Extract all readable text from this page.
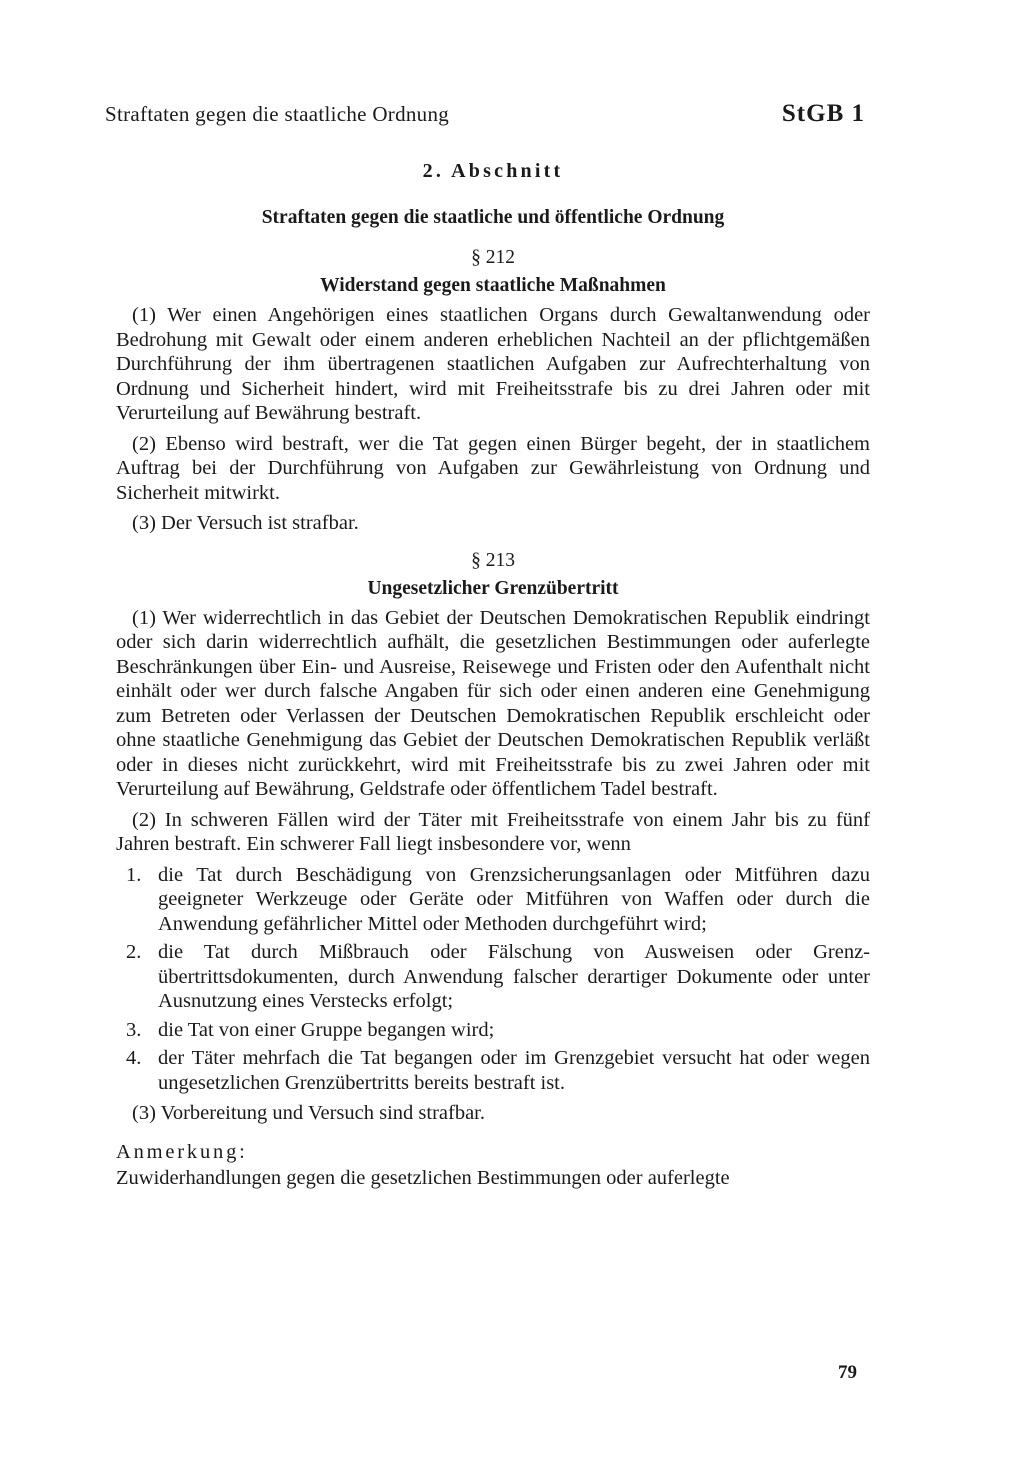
Straftaten gegen die staatliche Ordnung	StGB 1
2. Abschnitt
Straftaten gegen die staatliche und öffentliche Ordnung
§ 212
Widerstand gegen staatliche Maßnahmen

(1) Wer einen Angehörigen eines staatlichen Organs durch Gewaltanwendung oder Bedrohung mit Gewalt oder einem anderen erheblichen Nachteil an der pflichtgemäßen Durchführung der ihm übertragenen staatlichen Aufgaben zur Aufrechterhaltung von Ordnung und Sicherheit hindert, wird mit Freiheitsstrafe bis zu drei Jahren oder mit Verurteilung auf Bewährung bestraft.

(2) Ebenso wird bestraft, wer die Tat gegen einen Bürger begeht, der in staatlichem Auftrag bei der Durchführung von Aufgaben zur Gewährleistung von Ordnung und Sicherheit mitwirkt.

(3) Der Versuch ist strafbar.

§ 213
Ungesetzlicher Grenzübertritt

(1) Wer widerrechtlich in das Gebiet der Deutschen Demokratischen Republik eindringt oder sich darin widerrechtlich aufhält, die gesetzlichen Bestimmungen oder auferlegte Beschränkungen über Ein- und Ausreise, Reisewege und Fristen oder den Aufenthalt nicht einhält oder wer durch falsche Angaben für sich oder einen anderen eine Genehmigung zum Betreten oder Verlassen der Deutschen Demokratischen Republik erschleicht oder ohne staatliche Genehmigung das Gebiet der Deutschen Demokratischen Republik verläßt oder in dieses nicht zurückkehrt, wird mit Freiheitsstrafe bis zu zwei Jahren oder mit Verurteilung auf Bewährung, Geldstrafe oder öffentlichem Tadel bestraft.

(2) In schweren Fällen wird der Täter mit Freiheitsstrafe von einem Jahr bis zu fünf Jahren bestraft. Ein schwerer Fall liegt insbesondere vor, wenn

1. die Tat durch Beschädigung von Grenzsicherungsanlagen oder Mitführen dazu geeigneter Werkzeuge oder Geräte oder Mitführen von Waffen oder durch die Anwendung gefährlicher Mittel oder Methoden durchgeführt wird;
2. die Tat durch Mißbrauch oder Fälschung von Ausweisen oder Grenzübertrittsdokumenten, durch Anwendung falscher derartiger Dokumente oder unter Ausnutzung eines Verstecks erfolgt;
3. die Tat von einer Gruppe begangen wird;
4. der Täter mehrfach die Tat begangen oder im Grenzgebiet versucht hat oder wegen ungesetzlichen Grenzübertritts bereits bestraft ist.

(3) Vorbereitung und Versuch sind strafbar.

Anmerkung:

Zuwiderhandlungen gegen die gesetzlichen Bestimmungen oder auferlegte

79
